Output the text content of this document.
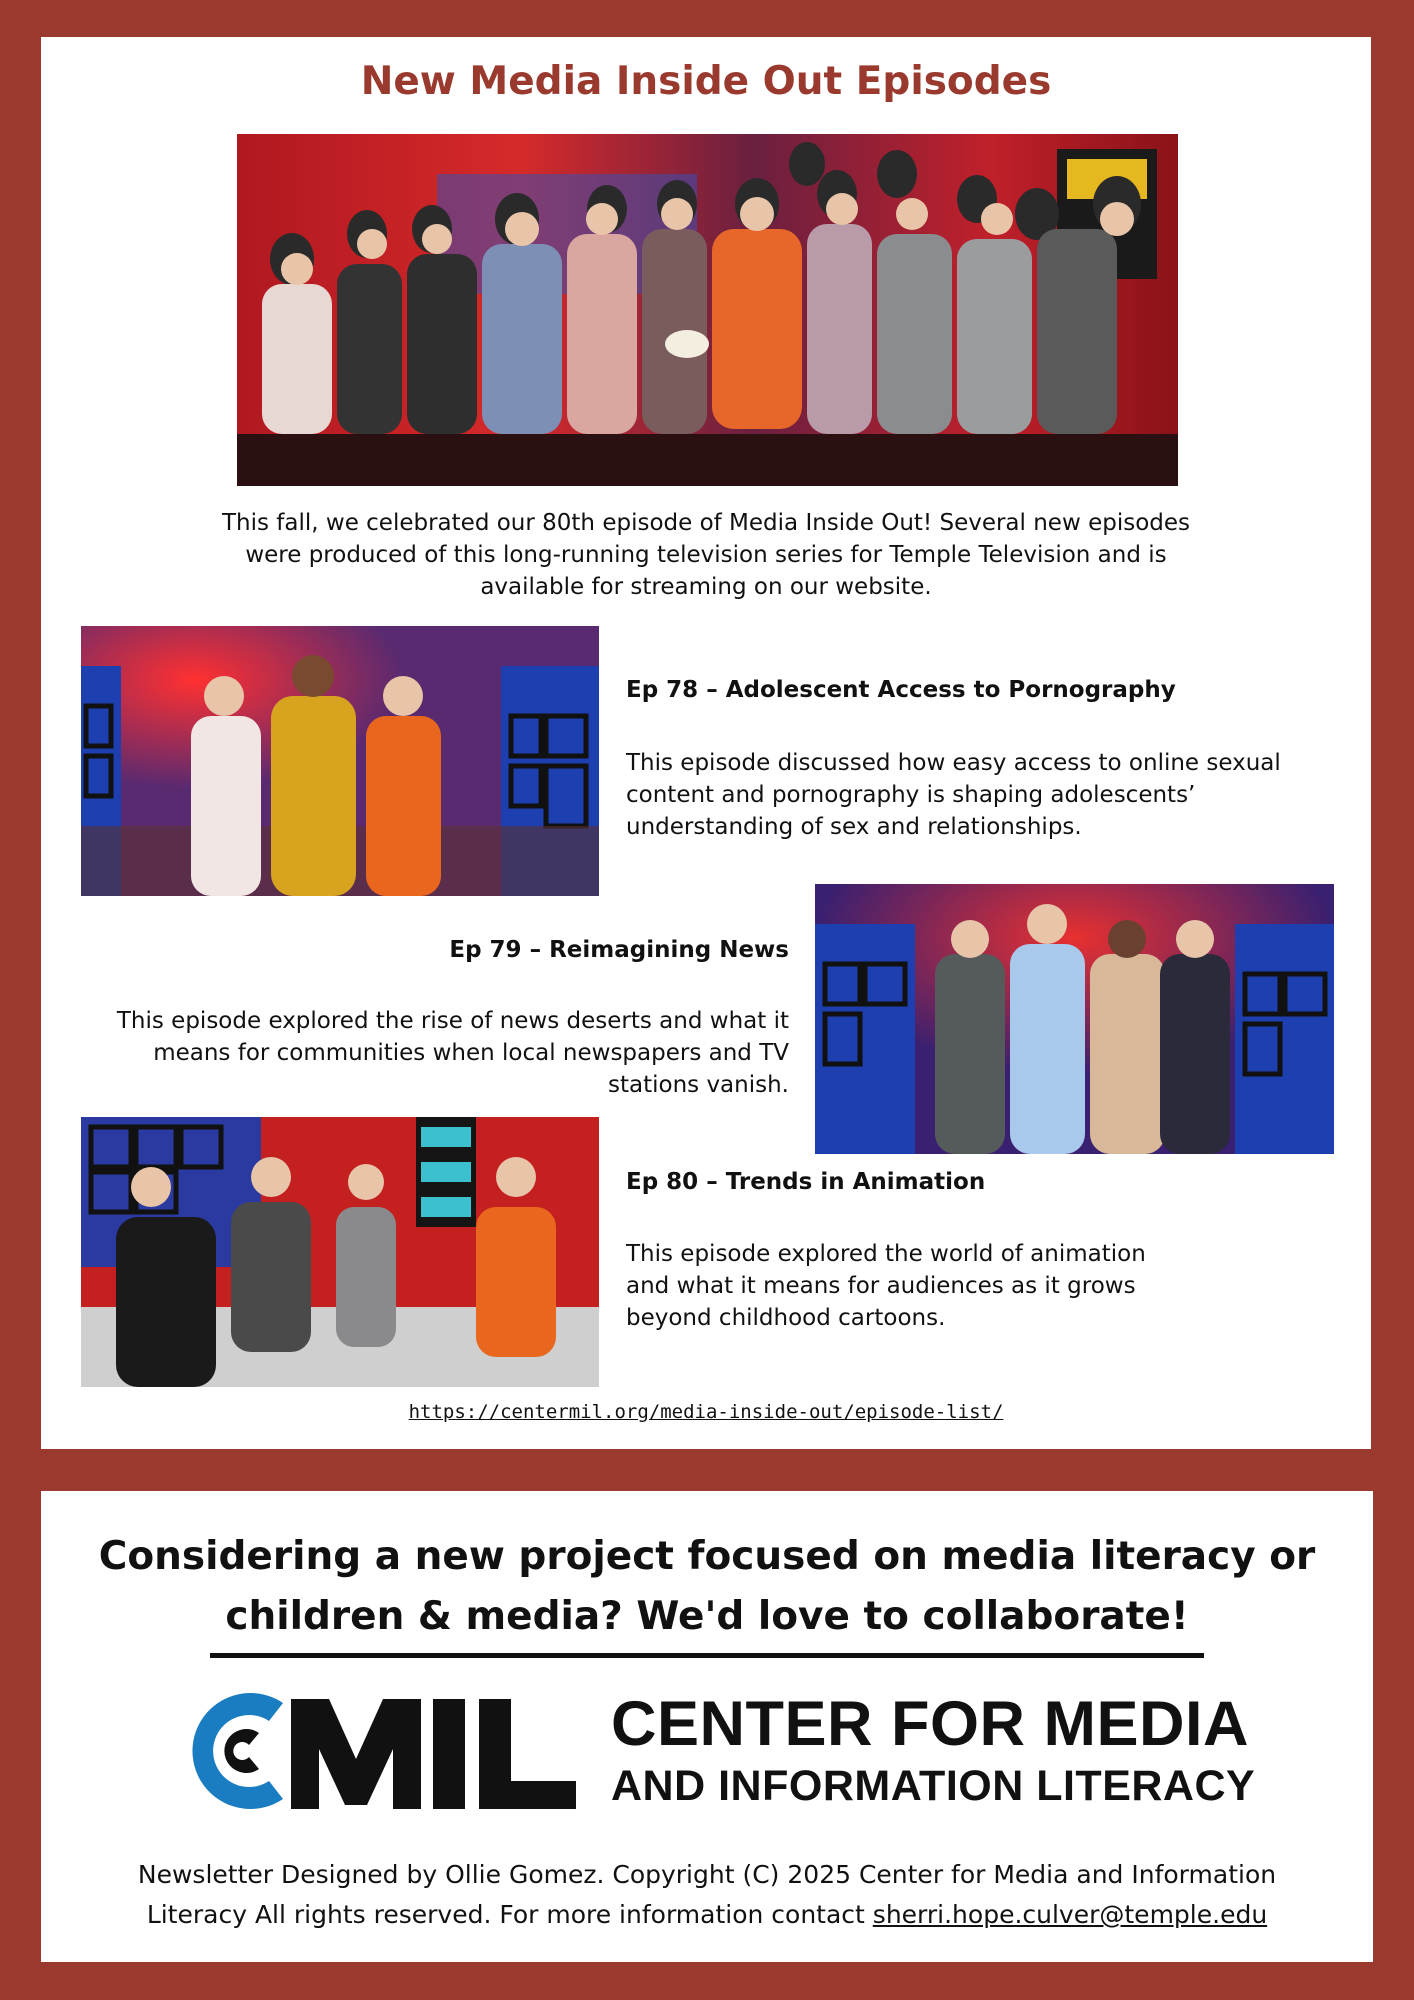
New Media Inside Out Episodes
This fall, we celebrated our 80th episode of Media Inside Out! Several new episodes were produced of this long-running television series for Temple Television and is available for streaming on our website.
Ep 78 – Adolescent Access to Pornography
This episode discussed how easy access to online sexual content and pornography is shaping adolescents’ understanding of sex and relationships.
Ep 79 – Reimagining News
This episode explored the rise of news deserts and what it means for communities when local newspapers and TV stations vanish.
Ep 80 – Trends in Animation
This episode explored the world of animation and what it means for audiences as it grows beyond childhood cartoons.
https://centermil.org/media-inside-out/episode-list/
Considering a new project focused on media literacy or
children & media? We'd love to collaborate!
CENTER FOR MEDIA
AND INFORMATION LITERACY
Newsletter Designed by Ollie Gomez. Copyright (C) 2025 Center for Media and Information
Literacy All rights reserved. For more information contact sherri.hope.culver@temple.edu
